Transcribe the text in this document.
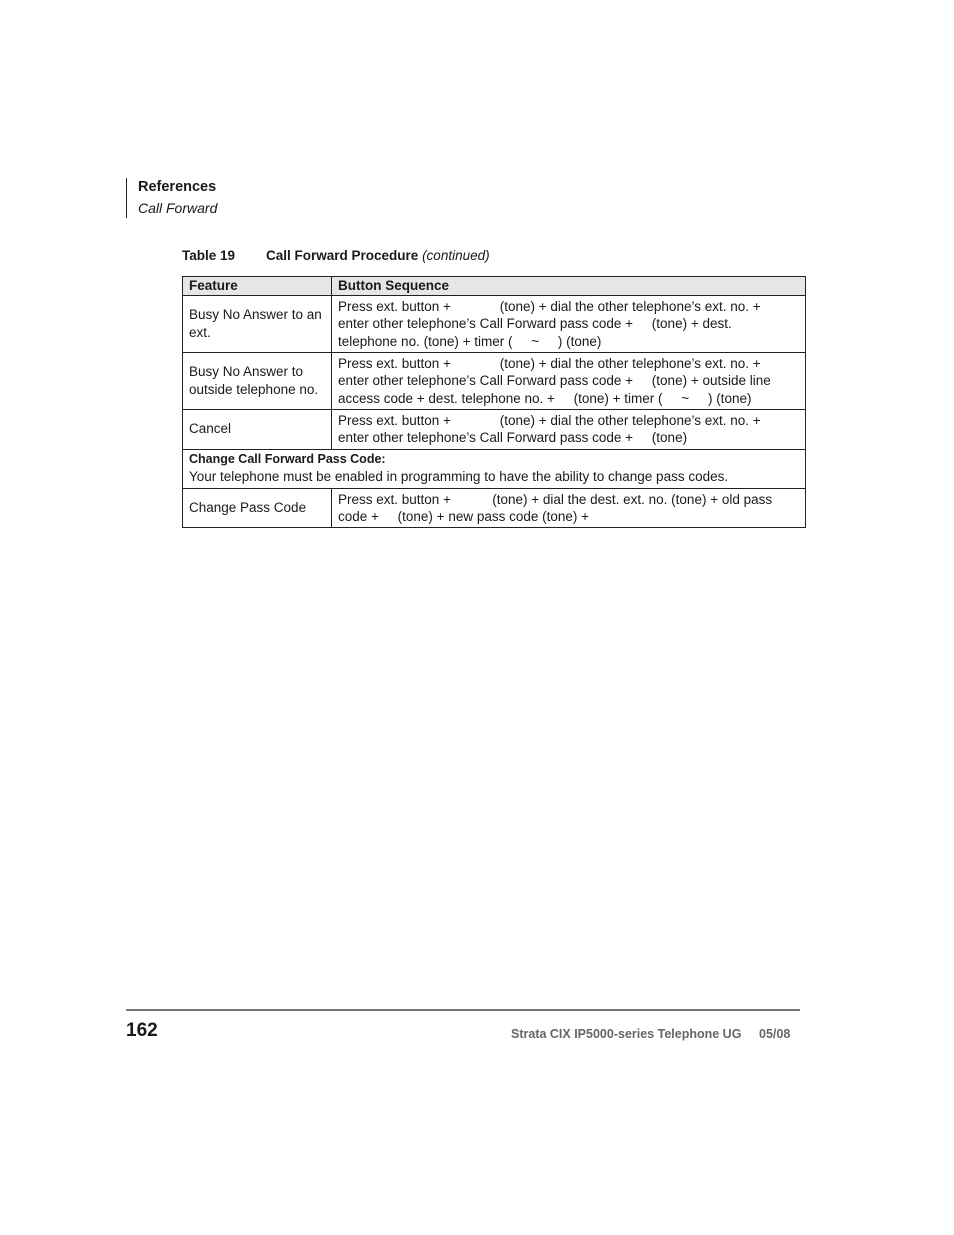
References
Call Forward
Table 19 Call Forward Procedure (continued)
Feature	Button Sequence
Busy No Answer to an ext.	Press ext. button +             (tone) + dial the other telephone’s ext. no. +
enter other telephone’s Call Forward pass code +     (tone) + dest.
telephone no. (tone) + timer (     ~     ) (tone)

Busy No Answer to outside telephone no.	Press ext. button +             (tone) + dial the other telephone’s ext. no. +
enter other telephone’s Call Forward pass code +     (tone) + outside line
access code + dest. telephone no. +     (tone) + timer (     ~     ) (tone)

Cancel	Press ext. button +             (tone) + dial the other telephone’s ext. no. +
enter other telephone’s Call Forward pass code +     (tone)

Change Call Forward Pass Code:
Your telephone must be enabled in programming to have the ability to change pass codes.	

Change Pass Code	Press ext. button +           (tone) + dial the dest. ext. no. (tone) + old pass
code +     (tone) + new pass code (tone) +
162	Strata CIX IP5000-series Telephone UG 05/08
